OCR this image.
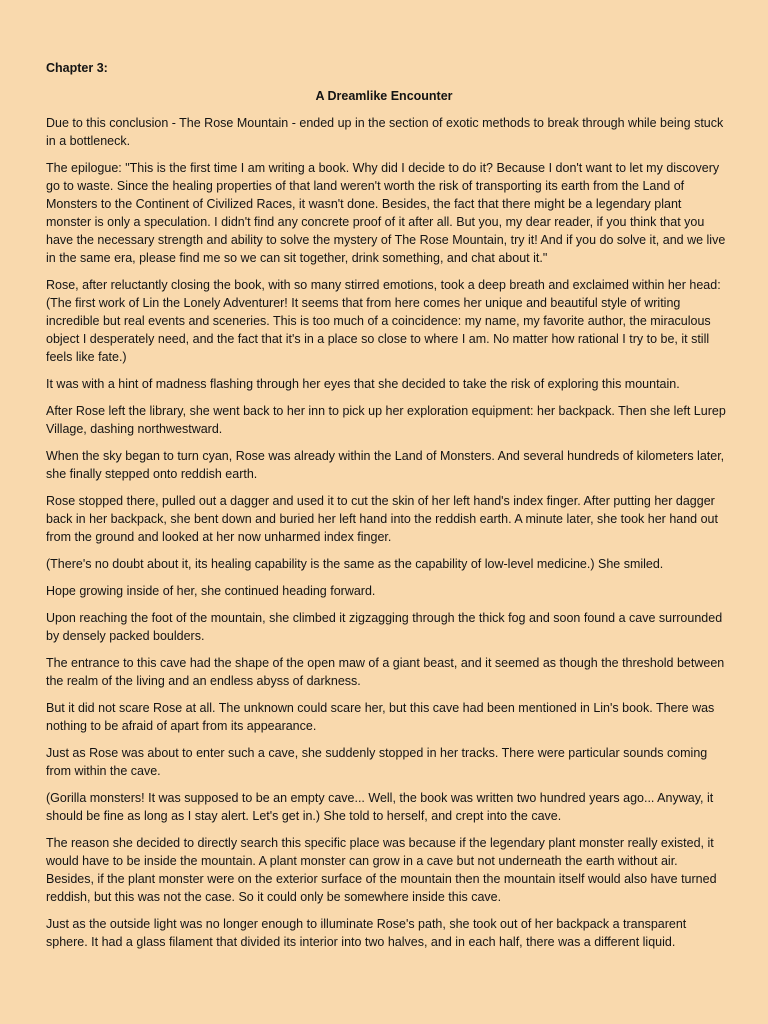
Chapter 3:
A Dreamlike Encounter

Due to this conclusion - The Rose Mountain - ended up in the section of exotic methods to break through while being stuck in a bottleneck.

The epilogue: "This is the first time I am writing a book. Why did I decide to do it? Because I don't want to let my discovery go to waste. Since the healing properties of that land weren't worth the risk of transporting its earth from the Land of Monsters to the Continent of Civilized Races, it wasn't done. Besides, the fact that there might be a legendary plant monster is only a speculation. I didn't find any concrete proof of it after all. But you, my dear reader, if you think that you have the necessary strength and ability to solve the mystery of The Rose Mountain, try it! And if you do solve it, and we live in the same era, please find me so we can sit together, drink something, and chat about it."

Rose, after reluctantly closing the book, with so many stirred emotions, took a deep breath and exclaimed within her head: (The first work of Lin the Lonely Adventurer! It seems that from here comes her unique and beautiful style of writing incredible but real events and sceneries. This is too much of a coincidence: my name, my favorite author, the miraculous object I desperately need, and the fact that it's in a place so close to where I am. No matter how rational I try to be, it still feels like fate.)

It was with a hint of madness flashing through her eyes that she decided to take the risk of exploring this mountain.

After Rose left the library, she went back to her inn to pick up her exploration equipment: her backpack. Then she left Lurep Village, dashing northwestward.

When the sky began to turn cyan, Rose was already within the Land of Monsters. And several hundreds of kilometers later, she finally stepped onto reddish earth.

Rose stopped there, pulled out a dagger and used it to cut the skin of her left hand's index finger. After putting her dagger back in her backpack, she bent down and buried her left hand into the reddish earth. A minute later, she took her hand out from the ground and looked at her now unharmed index finger.

(There's no doubt about it, its healing capability is the same as the capability of low-level medicine.) She smiled.

Hope growing inside of her, she continued heading forward.

Upon reaching the foot of the mountain, she climbed it zigzagging through the thick fog and soon found a cave surrounded by densely packed boulders.

The entrance to this cave had the shape of the open maw of a giant beast, and it seemed as though the threshold between the realm of the living and an endless abyss of darkness.

But it did not scare Rose at all. The unknown could scare her, but this cave had been mentioned in Lin's book. There was nothing to be afraid of apart from its appearance.

Just as Rose was about to enter such a cave, she suddenly stopped in her tracks. There were particular sounds coming from within the cave.

(Gorilla monsters! It was supposed to be an empty cave... Well, the book was written two hundred years ago... Anyway, it should be fine as long as I stay alert. Let's get in.) She told to herself, and crept into the cave.

The reason she decided to directly search this specific place was because if the legendary plant monster really existed, it would have to be inside the mountain. A plant monster can grow in a cave but not underneath the earth without air. Besides, if the plant monster were on the exterior surface of the mountain then the mountain itself would also have turned reddish, but this was not the case. So it could only be somewhere inside this cave.

Just as the outside light was no longer enough to illuminate Rose's path, she took out of her backpack a transparent sphere. It had a glass filament that divided its interior into two halves, and in each half, there was a different liquid.
